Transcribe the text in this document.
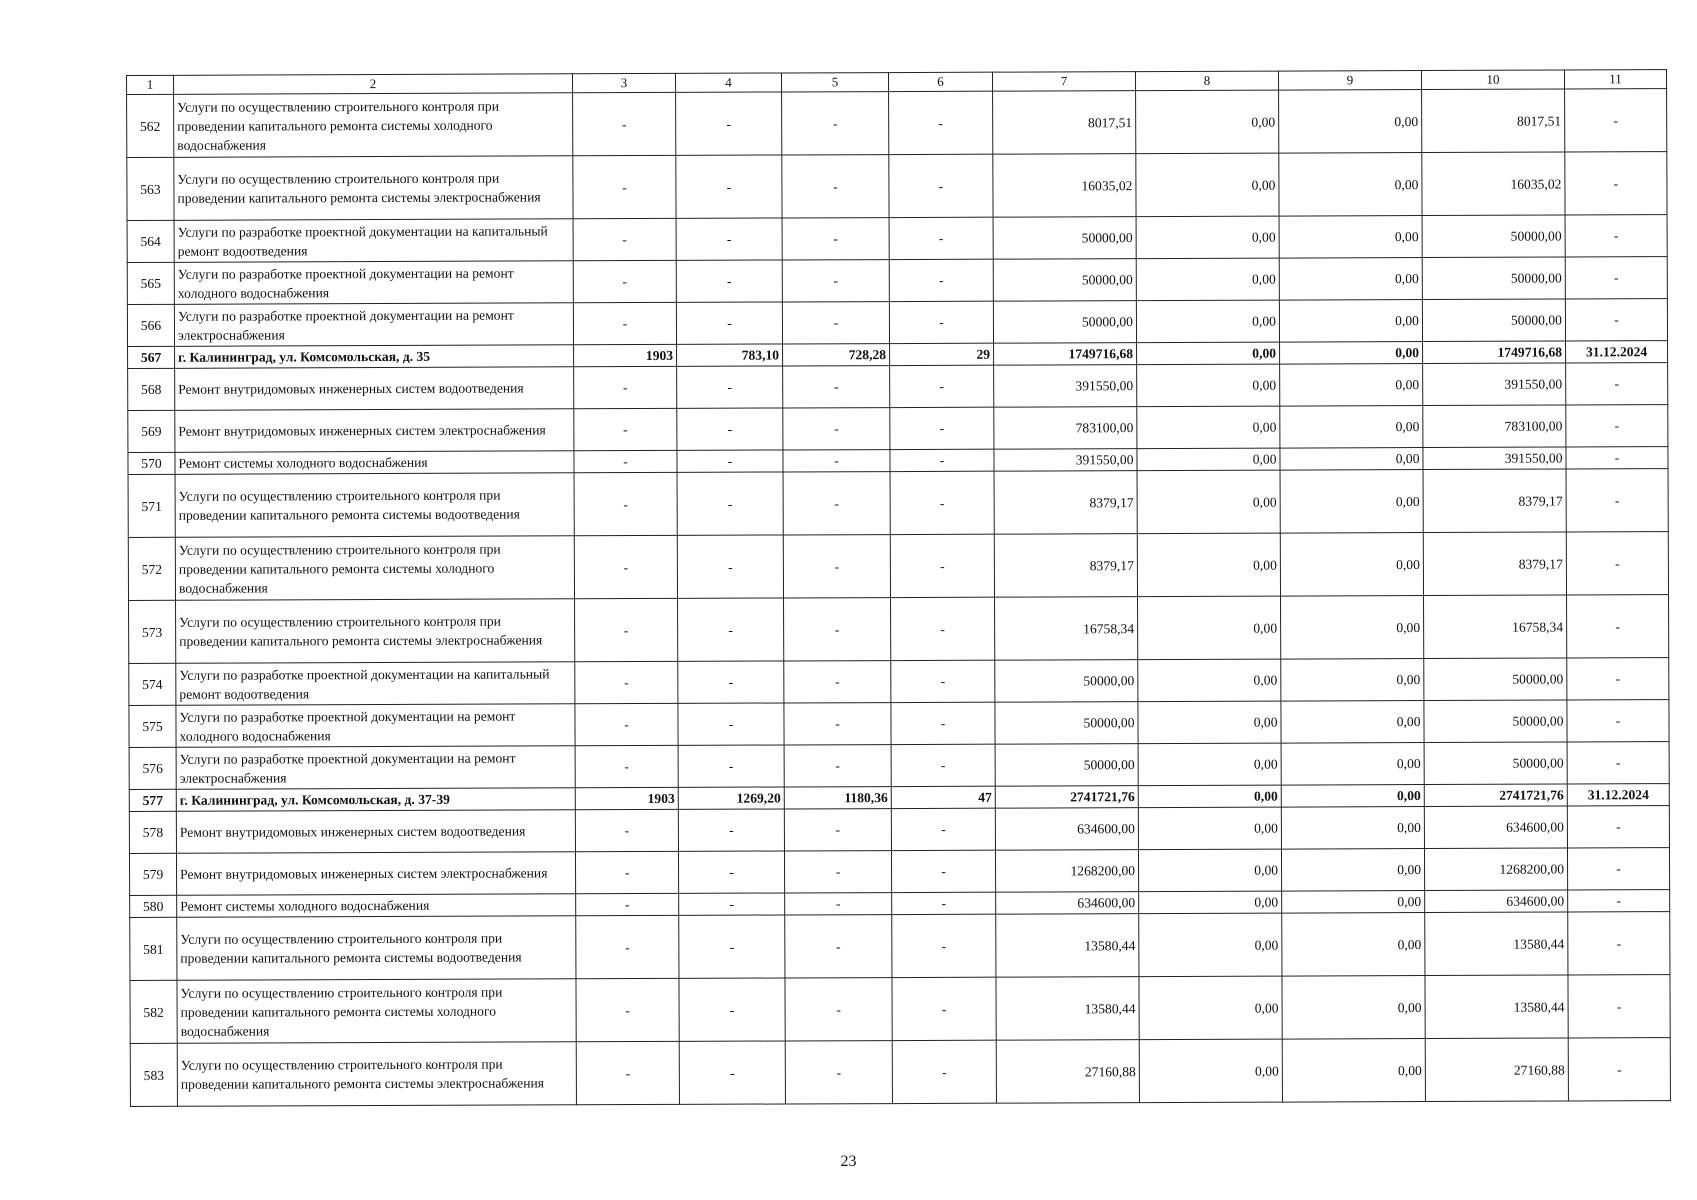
1	2	3	4	5	6	7	8	9	10	11
562	Услуги по осуществлению строительного контроля при проведении капитального ремонта системы холодного водоснабжения	-	-	-	-	8017,51	0,00	0,00	8017,51	-
563	Услуги по осуществлению строительного контроля при проведении капитального ремонта системы электроснабжения	-	-	-	-	16035,02	0,00	0,00	16035,02	-
564	Услуги по разработке проектной документации на капитальный ремонт водоотведения	-	-	-	-	50000,00	0,00	0,00	50000,00	-
565	Услуги по разработке проектной документации на ремонт холодного водоснабжения	-	-	-	-	50000,00	0,00	0,00	50000,00	-
566	Услуги по разработке проектной документации на ремонт электроснабжения	-	-	-	-	50000,00	0,00	0,00	50000,00	-
567	г. Калининград, ул. Комсомольская, д. 35	1903	783,10	728,28	29	1749716,68	0,00	0,00	1749716,68	31.12.2024
568	Ремонт внутридомовых инженерных систем водоотведения	-	-	-	-	391550,00	0,00	0,00	391550,00	-
569	Ремонт внутридомовых инженерных систем электроснабжения	-	-	-	-	783100,00	0,00	0,00	783100,00	-
570	Ремонт системы холодного водоснабжения	-	-	-	-	391550,00	0,00	0,00	391550,00	-
571	Услуги по осуществлению строительного контроля при проведении капитального ремонта системы водоотведения	-	-	-	-	8379,17	0,00	0,00	8379,17	-
572	Услуги по осуществлению строительного контроля при проведении капитального ремонта системы холодного водоснабжения	-	-	-	-	8379,17	0,00	0,00	8379,17	-
573	Услуги по осуществлению строительного контроля при проведении капитального ремонта системы электроснабжения	-	-	-	-	16758,34	0,00	0,00	16758,34	-
574	Услуги по разработке проектной документации на капитальный ремонт водоотведения	-	-	-	-	50000,00	0,00	0,00	50000,00	-
575	Услуги по разработке проектной документации на ремонт холодного водоснабжения	-	-	-	-	50000,00	0,00	0,00	50000,00	-
576	Услуги по разработке проектной документации на ремонт электроснабжения	-	-	-	-	50000,00	0,00	0,00	50000,00	-
577	г. Калининград, ул. Комсомольская, д. 37-39	1903	1269,20	1180,36	47	2741721,76	0,00	0,00	2741721,76	31.12.2024
578	Ремонт внутридомовых инженерных систем водоотведения	-	-	-	-	634600,00	0,00	0,00	634600,00	-
579	Ремонт внутридомовых инженерных систем электроснабжения	-	-	-	-	1268200,00	0,00	0,00	1268200,00	-
580	Ремонт системы холодного водоснабжения	-	-	-	-	634600,00	0,00	0,00	634600,00	-
581	Услуги по осуществлению строительного контроля при проведении капитального ремонта системы водоотведения	-	-	-	-	13580,44	0,00	0,00	13580,44	-
582	Услуги по осуществлению строительного контроля при проведении капитального ремонта системы холодного водоснабжения	-	-	-	-	13580,44	0,00	0,00	13580,44	-
583	Услуги по осуществлению строительного контроля при проведении капитального ремонта системы электроснабжения	-	-	-	-	27160,88	0,00	0,00	27160,88	-
23
